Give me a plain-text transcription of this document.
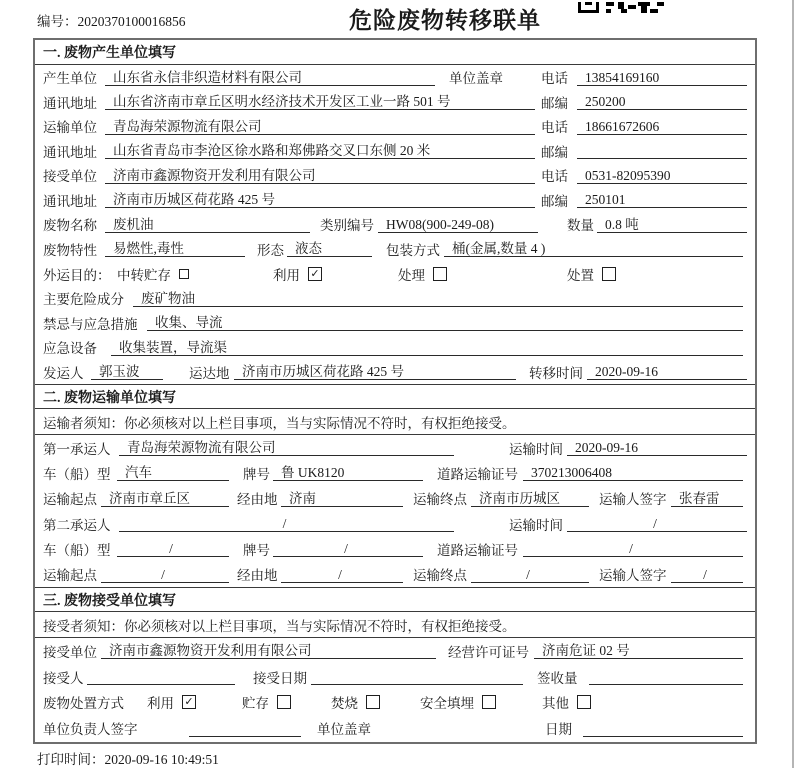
编号：2020370100016856	危险废物转移联单
一. 废物产生单位填写
产生单位	山东省永信非织造材料有限公司	单位盖章	电话	13854169160
通讯地址	山东省济南市章丘区明水经济技术开发区工业一路 501 号	邮编	250200
运输单位	青岛海荣源物流有限公司	电话	18661672606
通讯地址	山东省青岛市李沧区徐水路和郑佛路交叉口东侧 20 米	邮编
接受单位	济南市鑫源物资开发利用有限公司	电话	0531-82095390
通讯地址	济南市历城区荷花路 425 号	邮编	250101
废物名称	废机油	类别编号 HW08(900-249-08)	数量 0.8 吨
废物特性	易燃性,毒性	形态 液态	包装方式 桶(金属,数量 4 )
外运目的： 中转贮存	利用 ✓	处理	处置
主要危险成分	废矿物油
禁忌与应急措施	收集、导流
应急设备	收集装置，导流渠
发运人	郭玉波	运达地 济南市历城区荷花路 425 号	转移时间 2020-09-16
二. 废物运输单位填写
运输者须知：你必须核对以上栏目事项，当与实际情况不符时，有权拒绝接受。
第一承运人	青岛海荣源物流有限公司	运输时间 2020-09-16
车（船）型	汽车	牌号 鲁 UK8120	道路运输证号 370213006408
运输起点 济南市章丘区	经由地 济南	运输终点 济南市历城区	运输人签字 张春雷
第二承运人	/	运输时间	/
车（船）型	/	牌号	/	道路运输证号	/
运输起点	/	经由地	/	运输终点	/	运输人签字	/
三. 废物接受单位填写
接受者须知：你必须核对以上栏目事项，当与实际情况不符时，有权拒绝接受。
接受单位 济南市鑫源物资开发利用有限公司	经营许可证号 济南危证 02 号
接受人	接受日期	签收量
废物处置方式 利用 ✓	贮存	焚烧	安全填埋	其他
单位负责人签字	单位盖章	日期
打印时间：2020-09-16 10:49:51
